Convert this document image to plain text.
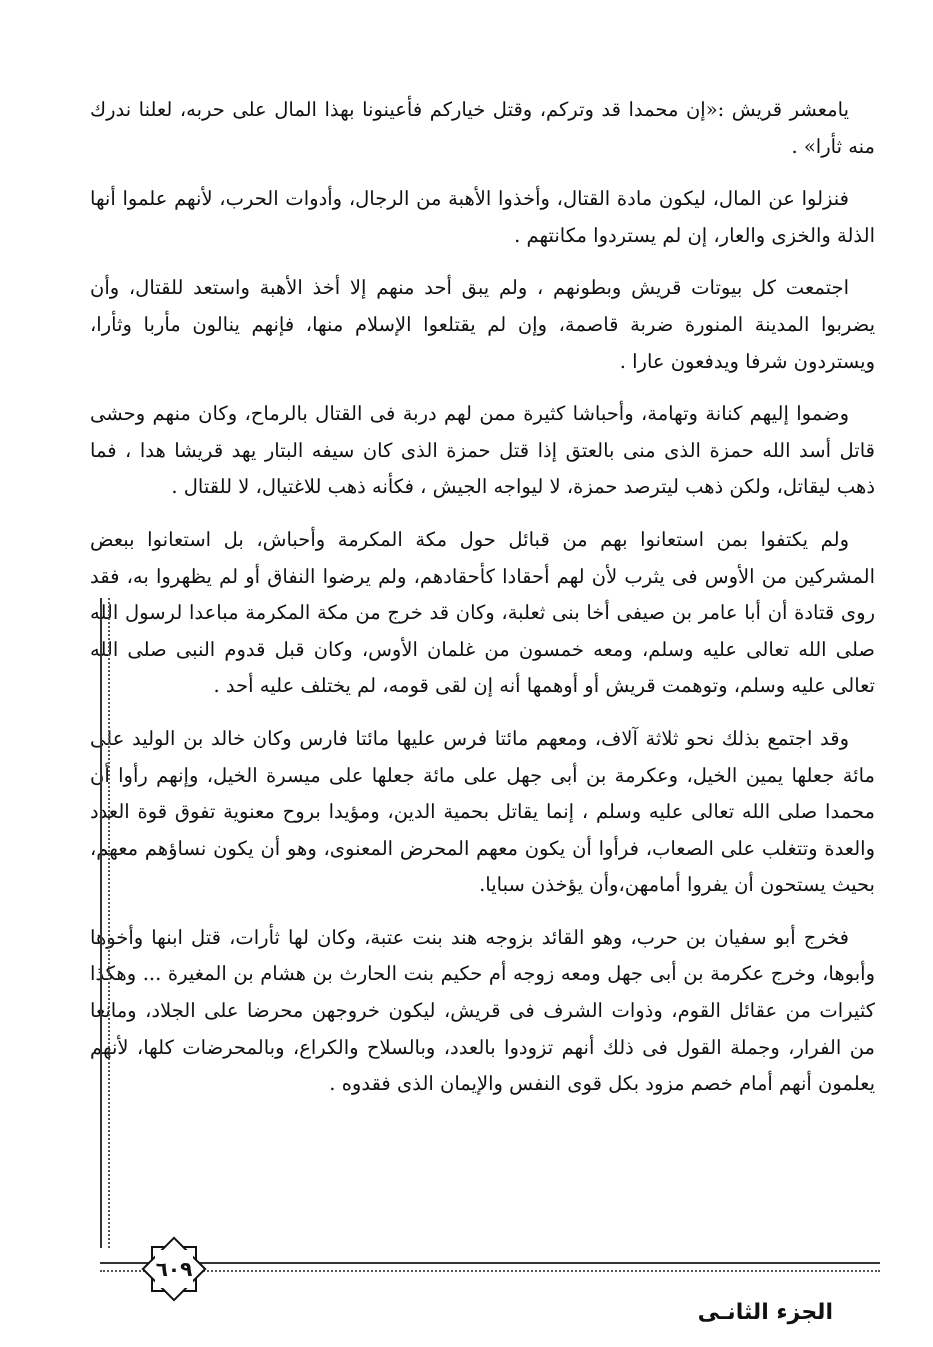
يامعشر قريش :«إن محمدا قد وتركم، وقتل خياركم فأعينونا بهذا المال على حربه، لعلنا ندرك منه ثأرا» .

فنزلوا عن المال، ليكون مادة القتال، وأخذوا الأهبة من الرجال، وأدوات الحرب، لأنهم علموا أنها الذلة والخزى والعار، إن لم يستردوا مكانتهم .

اجتمعت كل بيوتات قريش وبطونهم ، ولم يبق أحد منهم إلا أخذ الأهبة واستعد للقتال، وأن يضربوا المدينة المنورة ضربة قاصمة، وإن لم يقتلعوا الإسلام منها، فإنهم ينالون مأربا وثأرا، ويستردون شرفا ويدفعون عارا .

وضموا إليهم كنانة وتهامة، وأحباشا كثيرة ممن لهم دربة فى القتال بالرماح، وكان منهم وحشى قاتل أسد الله حمزة الذى منى بالعتق إذا قتل حمزة الذى كان سيفه البتار يهد قريشا هدا ، فما ذهب ليقاتل، ولكن ذهب ليترصد حمزة، لا ليواجه الجيش ، فكأنه ذهب للاغتيال، لا للقتال .

ولم يكتفوا بمن استعانوا بهم من قبائل حول مكة المكرمة وأحباش، بل استعانوا ببعض المشركين من الأوس فى يثرب لأن لهم أحقادا كأحقادهم، ولم يرضوا النفاق أو لم يظهروا به، فقد روى قتادة أن أبا عامر بن صيفى أخا بنى ثعلبة، وكان قد خرج من مكة المكرمة مباعدا لرسول الله صلى الله تعالى عليه وسلم، ومعه خمسون من غلمان الأوس، وكان قبل قدوم النبى صلى الله تعالى عليه وسلم، وتوهمت قريش أو أوهمها أنه إن لقى قومه، لم يختلف عليه أحد .

وقد اجتمع بذلك نحو ثلاثة آلاف، ومعهم مائتا فرس عليها مائتا فارس وكان خالد بن الوليد على مائة جعلها يمين الخيل، وعكرمة بن أبى جهل على مائة جعلها على ميسرة الخيل، وإنهم رأوا أن محمدا صلى الله تعالى عليه وسلم ، إنما يقاتل بحمية الدين، ومؤيدا بروح معنوية تفوق قوة العدد والعدة وتتغلب على الصعاب، فرأوا أن يكون معهم المحرض المعنوى، وهو أن يكون نساؤهم معهم، بحيث يستحون أن يفروا أمامهن،وأن يؤخذن سبايا.

فخرج أبو سفيان بن حرب، وهو القائد بزوجه هند بنت عتبة، وكان لها ثأرات، قتل ابنها وأخوها وأبوها، وخرج عكرمة بن أبى جهل ومعه زوجه أم حكيم بنت الحارث بن هشام بن المغيرة ... وهكذا كثيرات من عقائل القوم، وذوات الشرف فى قريش، ليكون خروجهن محرضا على الجلاد، ومانعا من الفرار، وجملة القول فى ذلك أنهم تزودوا بالعدد، وبالسلاح والكراع، وبالمحرضات كلها، لأنهم يعلمون أنهم أمام خصم مزود بكل قوى النفس والإيمان الذى فقدوه .

٦٠٩
الجزء الثانـى
